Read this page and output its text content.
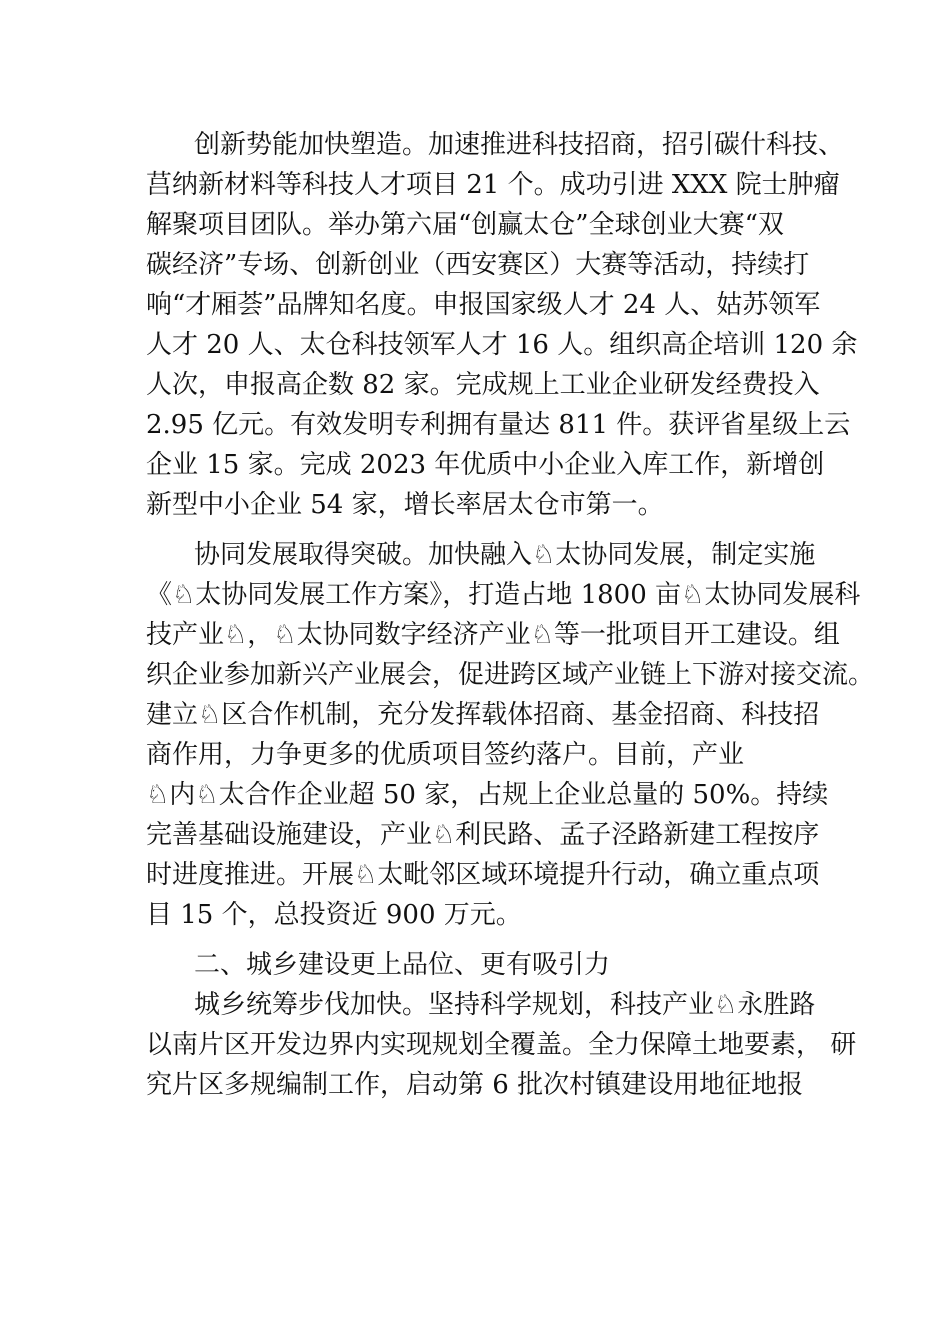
创新势能加快塑造。加速推进科技招商，招引碳什科技、

莒纳新材料等科技人才项目 21 个。成功引进 XXX 院士肿瘤

解聚项目团队。举办第六届“创赢太仓”全球创业大赛“双

碳经济”专场、创新创业（西安赛区）大赛等活动，持续打

响“才厢荟”品牌知名度。申报国家级人才 24 人、姑苏领军

人才 20 人、太仓科技领军人才 16 人。组织高企培训 120 余

人次，申报高企数 82 家。完成规上工业企业研发经费投入

2.95 亿元。有效发明专利拥有量达 811 件。获评省星级上云

企业 15 家。完成 2023 年优质中小企业入库工作，新增创

新型中小企业 54 家，增长率居太仓市第一。

协同发展取得突破。加快融入♘太协同发展，制定实施

《♘太协同发展工作方案》，打造占地 1800 亩♘太协同发展科

技产业♘，♘太协同数字经济产业♘等一批项目开工建设。组

织企业参加新兴产业展会，促进跨区域产业链上下游对接交流。

建立♘区合作机制，充分发挥载体招商、基金招商、科技招

商作用，力争更多的优质项目签约落户。目前，产业

♘内♘太合作企业超 50 家，占规上企业总量的 50%。持续

完善基础设施建设，产业♘利民路、孟子泾路新建工程按序

时进度推进。开展♘太毗邻区域环境提升行动，确立重点项

目 15 个，总投资近 900 万元。

二、城乡建设更上品位、更有吸引力

城乡统筹步伐加快。坚持科学规划，科技产业♘永胜路

以南片区开发边界内实现规划全覆盖。全力保障土地要素， 研

究片区多规编制工作，启动第 6 批次村镇建设用地征地报
